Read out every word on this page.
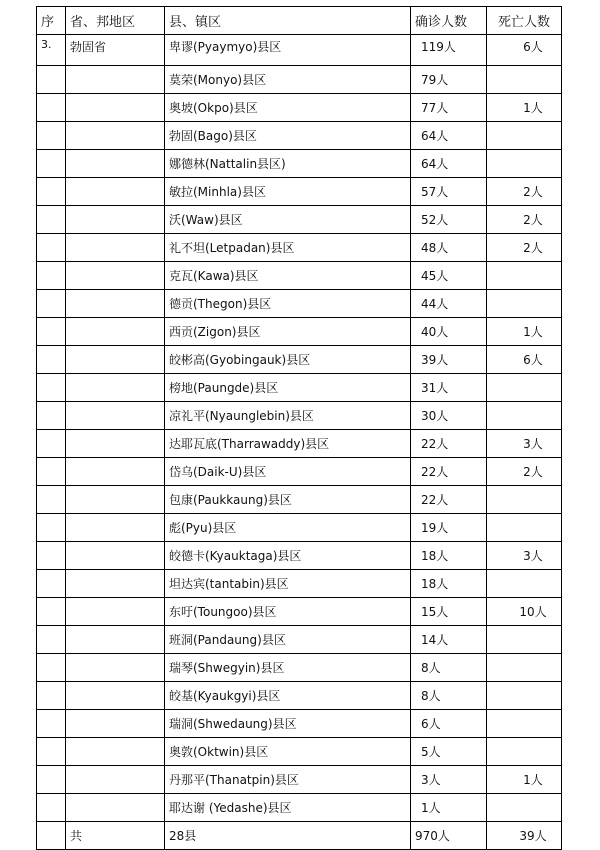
序	省、邦地区	县、镇区	确诊人数	死亡人数
3.	勃固省	卑谬(Pyaymyo)县区	119人	6人
		莫荣(Monyo)县区	79人	
		奥坡(Okpo)县区	77人	1人
		勃固(Bago)县区	64人	
		娜德林(Nattalin县区)	64人	
		敏拉(Minhla)县区	57人	2人
		沃(Waw)县区	52人	2人
		礼不坦(Letpadan)县区	48人	2人
		克瓦(Kawa)县区	45人	
		德贡(Thegon)县区	44人	
		西贡(Zigon)县区	40人	1人
		皎彬高(Gyobingauk)县区	39人	6人
		榜地(Paungde)县区	31人	
		凉礼平(Nyaunglebin)县区	30人	
		达耶瓦底(Tharrawaddy)县区	22人	3人
		岱乌(Daik-U)县区	22人	2人
		包康(Paukkaung)县区	22人	
		彪(Pyu)县区	19人	
		皎德卡(Kyauktaga)县区	18人	3人
		坦达宾(tantabin)县区	18人	
		东吁(Toungoo)县区	15人	10人
		班洞(Pandaung)县区	14人	
		瑞琴(Shwegyin)县区	8人	
		皎基(Kyaukgyi)县区	8人	
		瑞洞(Shwedaung)县区	6人	
		奥敦(Oktwin)县区	5人	
		丹那平(Thanatpin)县区	3人	1人
		耶达谢 (Yedashe)县区	1人	
	共	28县	970人	39人
